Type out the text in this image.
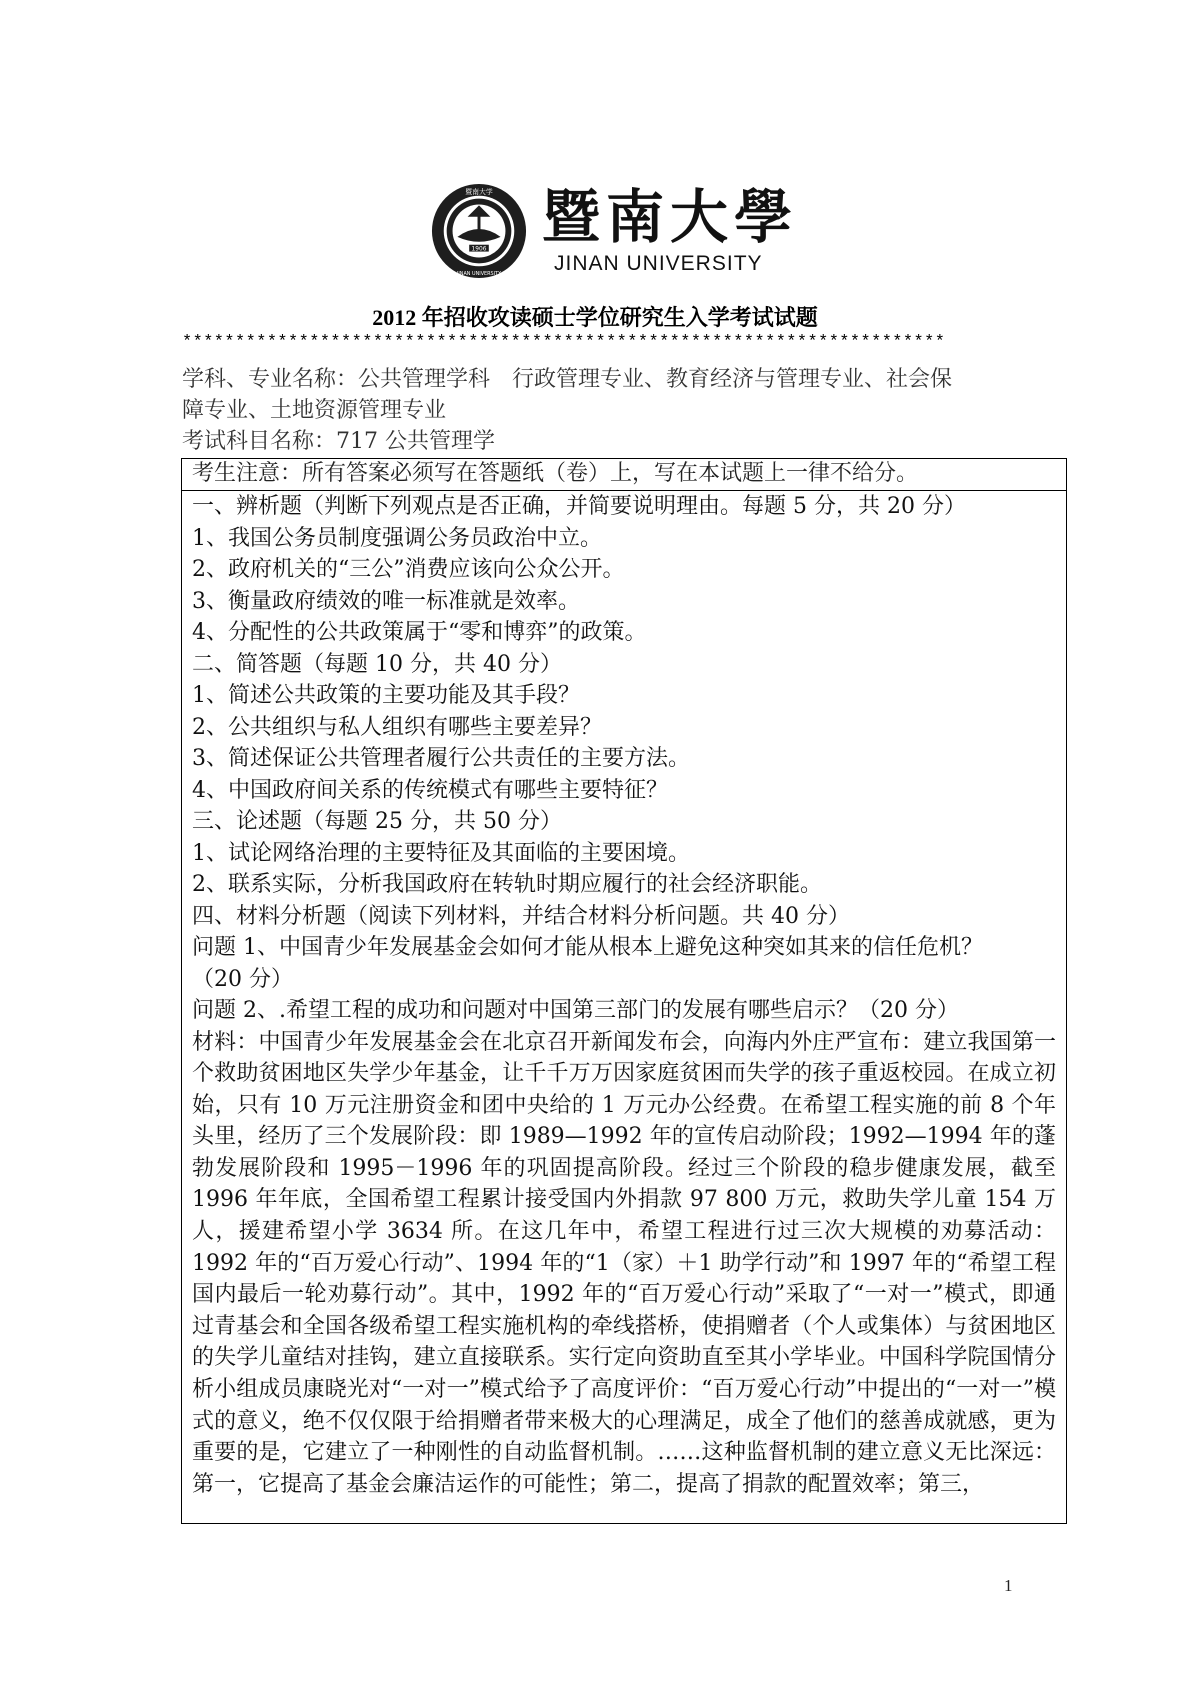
1906
暨南大学
JINAN UNIVERSITY
暨南大學
JINAN UNIVERSITY
2012 年招收攻读硕士学位研究生入学考试试题
************************************************************************
学科、专业名称：公共管理学科　行政管理专业、教育经济与管理专业、社会保
障专业、土地资源管理专业
考试科目名称：717 公共管理学
考生注意：所有答案必须写在答题纸（卷）上，写在本试题上一律不给分。
一、辨析题（判断下列观点是否正确，并简要说明理由。每题 5 分，共 20 分）
1、我国公务员制度强调公务员政治中立。
2、政府机关的“三公”消费应该向公众公开。
3、衡量政府绩效的唯一标准就是效率。
4、分配性的公共政策属于“零和博弈”的政策。
二、简答题（每题 10 分，共 40 分）
1、简述公共政策的主要功能及其手段？
2、公共组织与私人组织有哪些主要差异？
3、简述保证公共管理者履行公共责任的主要方法。
4、中国政府间关系的传统模式有哪些主要特征？
三、论述题（每题 25 分，共 50 分）
1、试论网络治理的主要特征及其面临的主要困境。
2、联系实际，分析我国政府在转轨时期应履行的社会经济职能。
四、材料分析题（阅读下列材料，并结合材料分析问题。共 40 分）
问题 1、中国青少年发展基金会如何才能从根本上避免这种突如其来的信任危机？
（20 分）
问题 2、.希望工程的成功和问题对中国第三部门的发展有哪些启示？（20 分）
材料：中国青少年发展基金会在北京召开新闻发布会，向海内外庄严宣布：建立我国第一个救助贫困地区失学少年基金，让千千万万因家庭贫困而失学的孩子重返校园。在成立初始，只有 10 万元注册资金和团中央给的 1 万元办公经费。在希望工程实施的前 8 个年头里，经历了三个发展阶段：即 1989—1992 年的宣传启动阶段；1992—1994 年的蓬勃发展阶段和 1995－1996 年的巩固提高阶段。经过三个阶段的稳步健康发展，截至 1996 年年底，全国希望工程累计接受国内外捐款 97 800 万元，救助失学儿童 154 万人，援建希望小学 3634 所。在这几年中，希望工程进行过三次大规模的劝募活动：1992 年的“百万爱心行动”、1994 年的“1（家）＋1 助学行动”和 1997 年的“希望工程国内最后一轮劝募行动”。其中，1992 年的“百万爱心行动”采取了“一对一”模式，即通过青基会和全国各级希望工程实施机构的牵线搭桥，使捐赠者（个人或集体）与贫困地区的失学儿童结对挂钩，建立直接联系。实行定向资助直至其小学毕业。中国科学院国情分析小组成员康晓光对“一对一”模式给予了高度评价：“百万爱心行动”中提出的“一对一”模式的意义，绝不仅仅限于给捐赠者带来极大的心理满足，成全了他们的慈善成就感，更为重要的是，它建立了一种刚性的自动监督机制。……这种监督机制的建立意义无比深远：第一，它提高了基金会廉洁运作的可能性；第二，提高了捐款的配置效率；第三，
1
